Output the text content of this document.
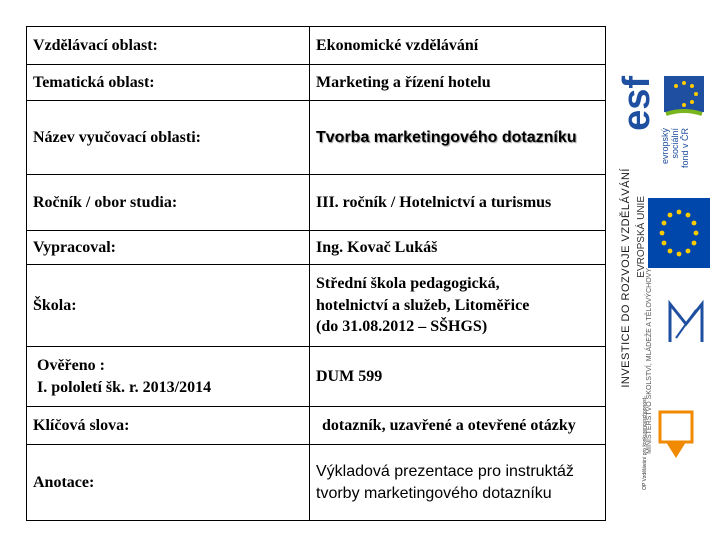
Vzdělávací oblast:	Ekonomické vzdělávání
Tematická oblast:	Marketing a řízení hotelu
Název vyučovací oblasti:	Tvorba marketingového dotazníku
Ročník / obor studia:	III. ročník / Hotelnictví a turismus
Vypracoval:	Ing. Kovač Lukáš
Škola:	Střední škola pedagogická,
hotelnictví a služeb, Litoměřice
(do 31.08.2012 – SŠHGS)

Ověřeno :
I. pololetí šk. r. 2013/2014	DUM 599
Klíčová slova:	dotazník, uzavřené a otevřené otázky
Anotace:	Výkladová prezentace pro instruktáž tvorby marketingového dotazníku
esf
evropský sociální fond v ČR
EVROPSKÁ UNIE
MINISTERSTVO ŠKOLSTVÍ, MLÁDEŽE A TĚLOVÝCHOVY
OP Vzdělávání pro konkurenceschopnost
INVESTICE DO ROZVOJE VZDĚLÁVÁNÍ
